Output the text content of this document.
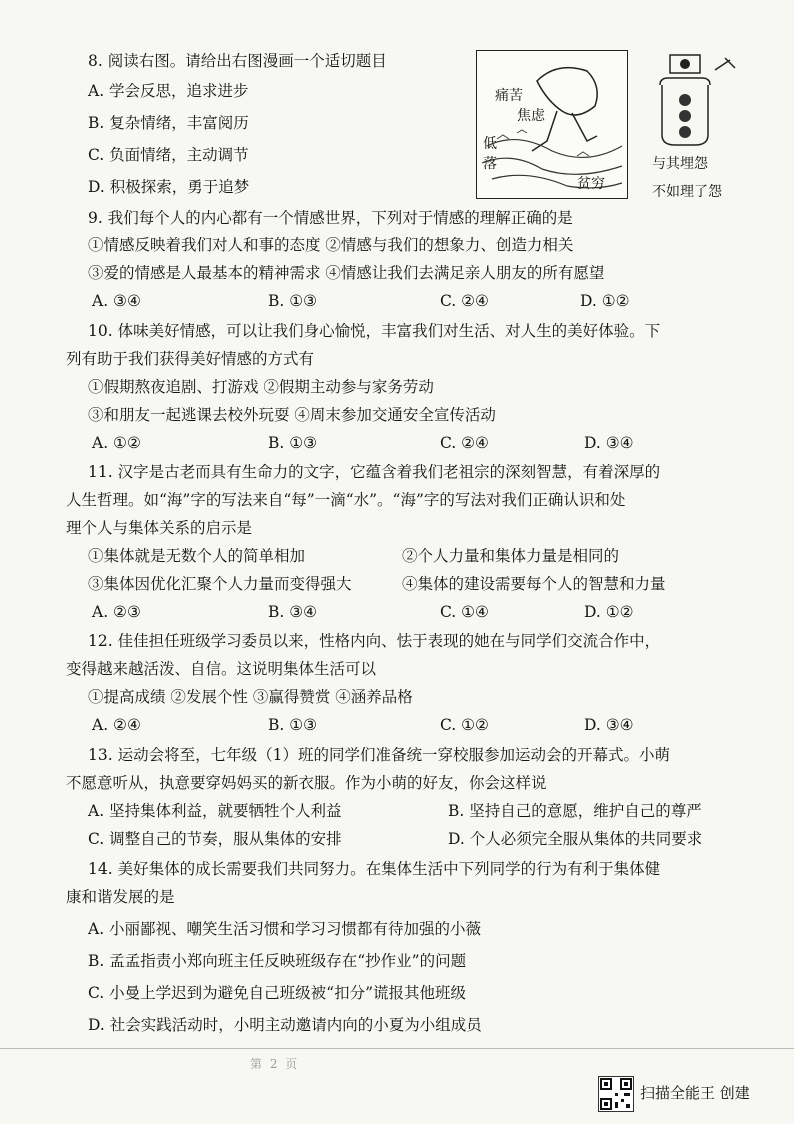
8. 阅读右图。请给出右图漫画一个适切题目
A. 学会反思，追求进步
B. 复杂情绪，丰富阅历
C. 负面情绪，主动调节
D. 积极探索，勇于追梦
痛苦
焦虑
低
落
贫穷
与其埋怨
不如理了怨
9. 我们每个人的内心都有一个情感世界，下列对于情感的理解正确的是
①情感反映着我们对人和事的态度 ②情感与我们的想象力、创造力相关
③爱的情感是人最基本的精神需求 ④情感让我们去满足亲人朋友的所有愿望
A. ③④	B. ①③	C. ②④	D. ①②
10. 体味美好情感，可以让我们身心愉悦，丰富我们对生活、对人生的美好体验。下
列有助于我们获得美好情感的方式有
①假期熬夜追剧、打游戏 ②假期主动参与家务劳动
③和朋友一起逃课去校外玩耍 ④周末参加交通安全宣传活动
A. ①②	B. ①③	C. ②④	D. ③④
11. 汉字是古老而具有生命力的文字，它蕴含着我们老祖宗的深刻智慧，有着深厚的
人生哲理。如“海”字的写法来自“每”一滴“水”。“海”字的写法对我们正确认识和处
理个人与集体关系的启示是
①集体就是无数个人的简单相加	②个人力量和集体力量是相同的
③集体因优化汇聚个人力量而变得强大	④集体的建设需要每个人的智慧和力量
A. ②③	B. ③④	C. ①④	D. ①②
12. 佳佳担任班级学习委员以来，性格内向、怯于表现的她在与同学们交流合作中，
变得越来越活泼、自信。这说明集体生活可以
①提高成绩 ②发展个性 ③赢得赞赏 ④涵养品格
A. ②④	B. ①③	C. ①②	D. ③④
13. 运动会将至，七年级（1）班的同学们准备统一穿校服参加运动会的开幕式。小萌
不愿意听从，执意要穿妈妈买的新衣服。作为小萌的好友，你会这样说
A. 坚持集体利益，就要牺牲个人利益	B. 坚持自己的意愿，维护自己的尊严
C. 调整自己的节奏，服从集体的安排	D. 个人必须完全服从集体的共同要求
14. 美好集体的成长需要我们共同努力。在集体生活中下列同学的行为有利于集体健
康和谐发展的是
A. 小丽鄙视、嘲笑生活习惯和学习习惯都有待加强的小薇
B. 孟孟指责小郑向班主任反映班级存在“抄作业”的问题
C. 小曼上学迟到为避免自己班级被“扣分”谎报其他班级
D. 社会实践活动时，小明主动邀请内向的小夏为小组成员
第 2 页
扫描全能王 创建
